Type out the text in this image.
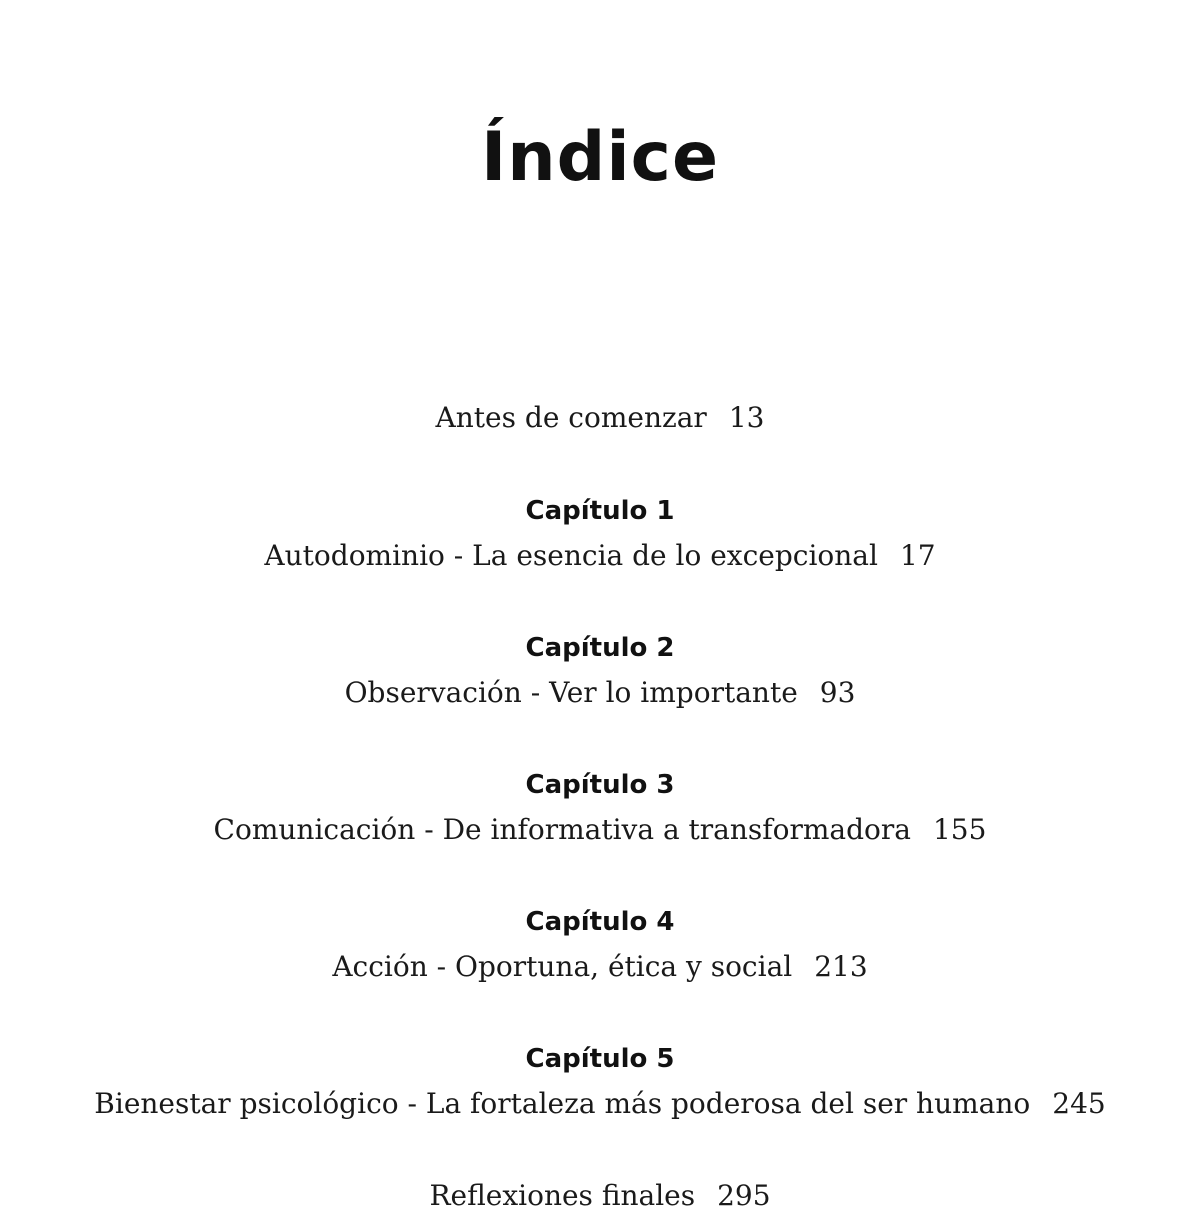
Índice
Antes de comenzar 13
Capítulo 1
Autodominio - La esencia de lo excepcional 17
Capítulo 2
Observación - Ver lo importante 93
Capítulo 3
Comunicación - De informativa a transformadora 155
Capítulo 4
Acción - Oportuna, ética y social 213
Capítulo 5
Bienestar psicológico - La fortaleza más poderosa del ser humano 245
Reflexiones finales 295
